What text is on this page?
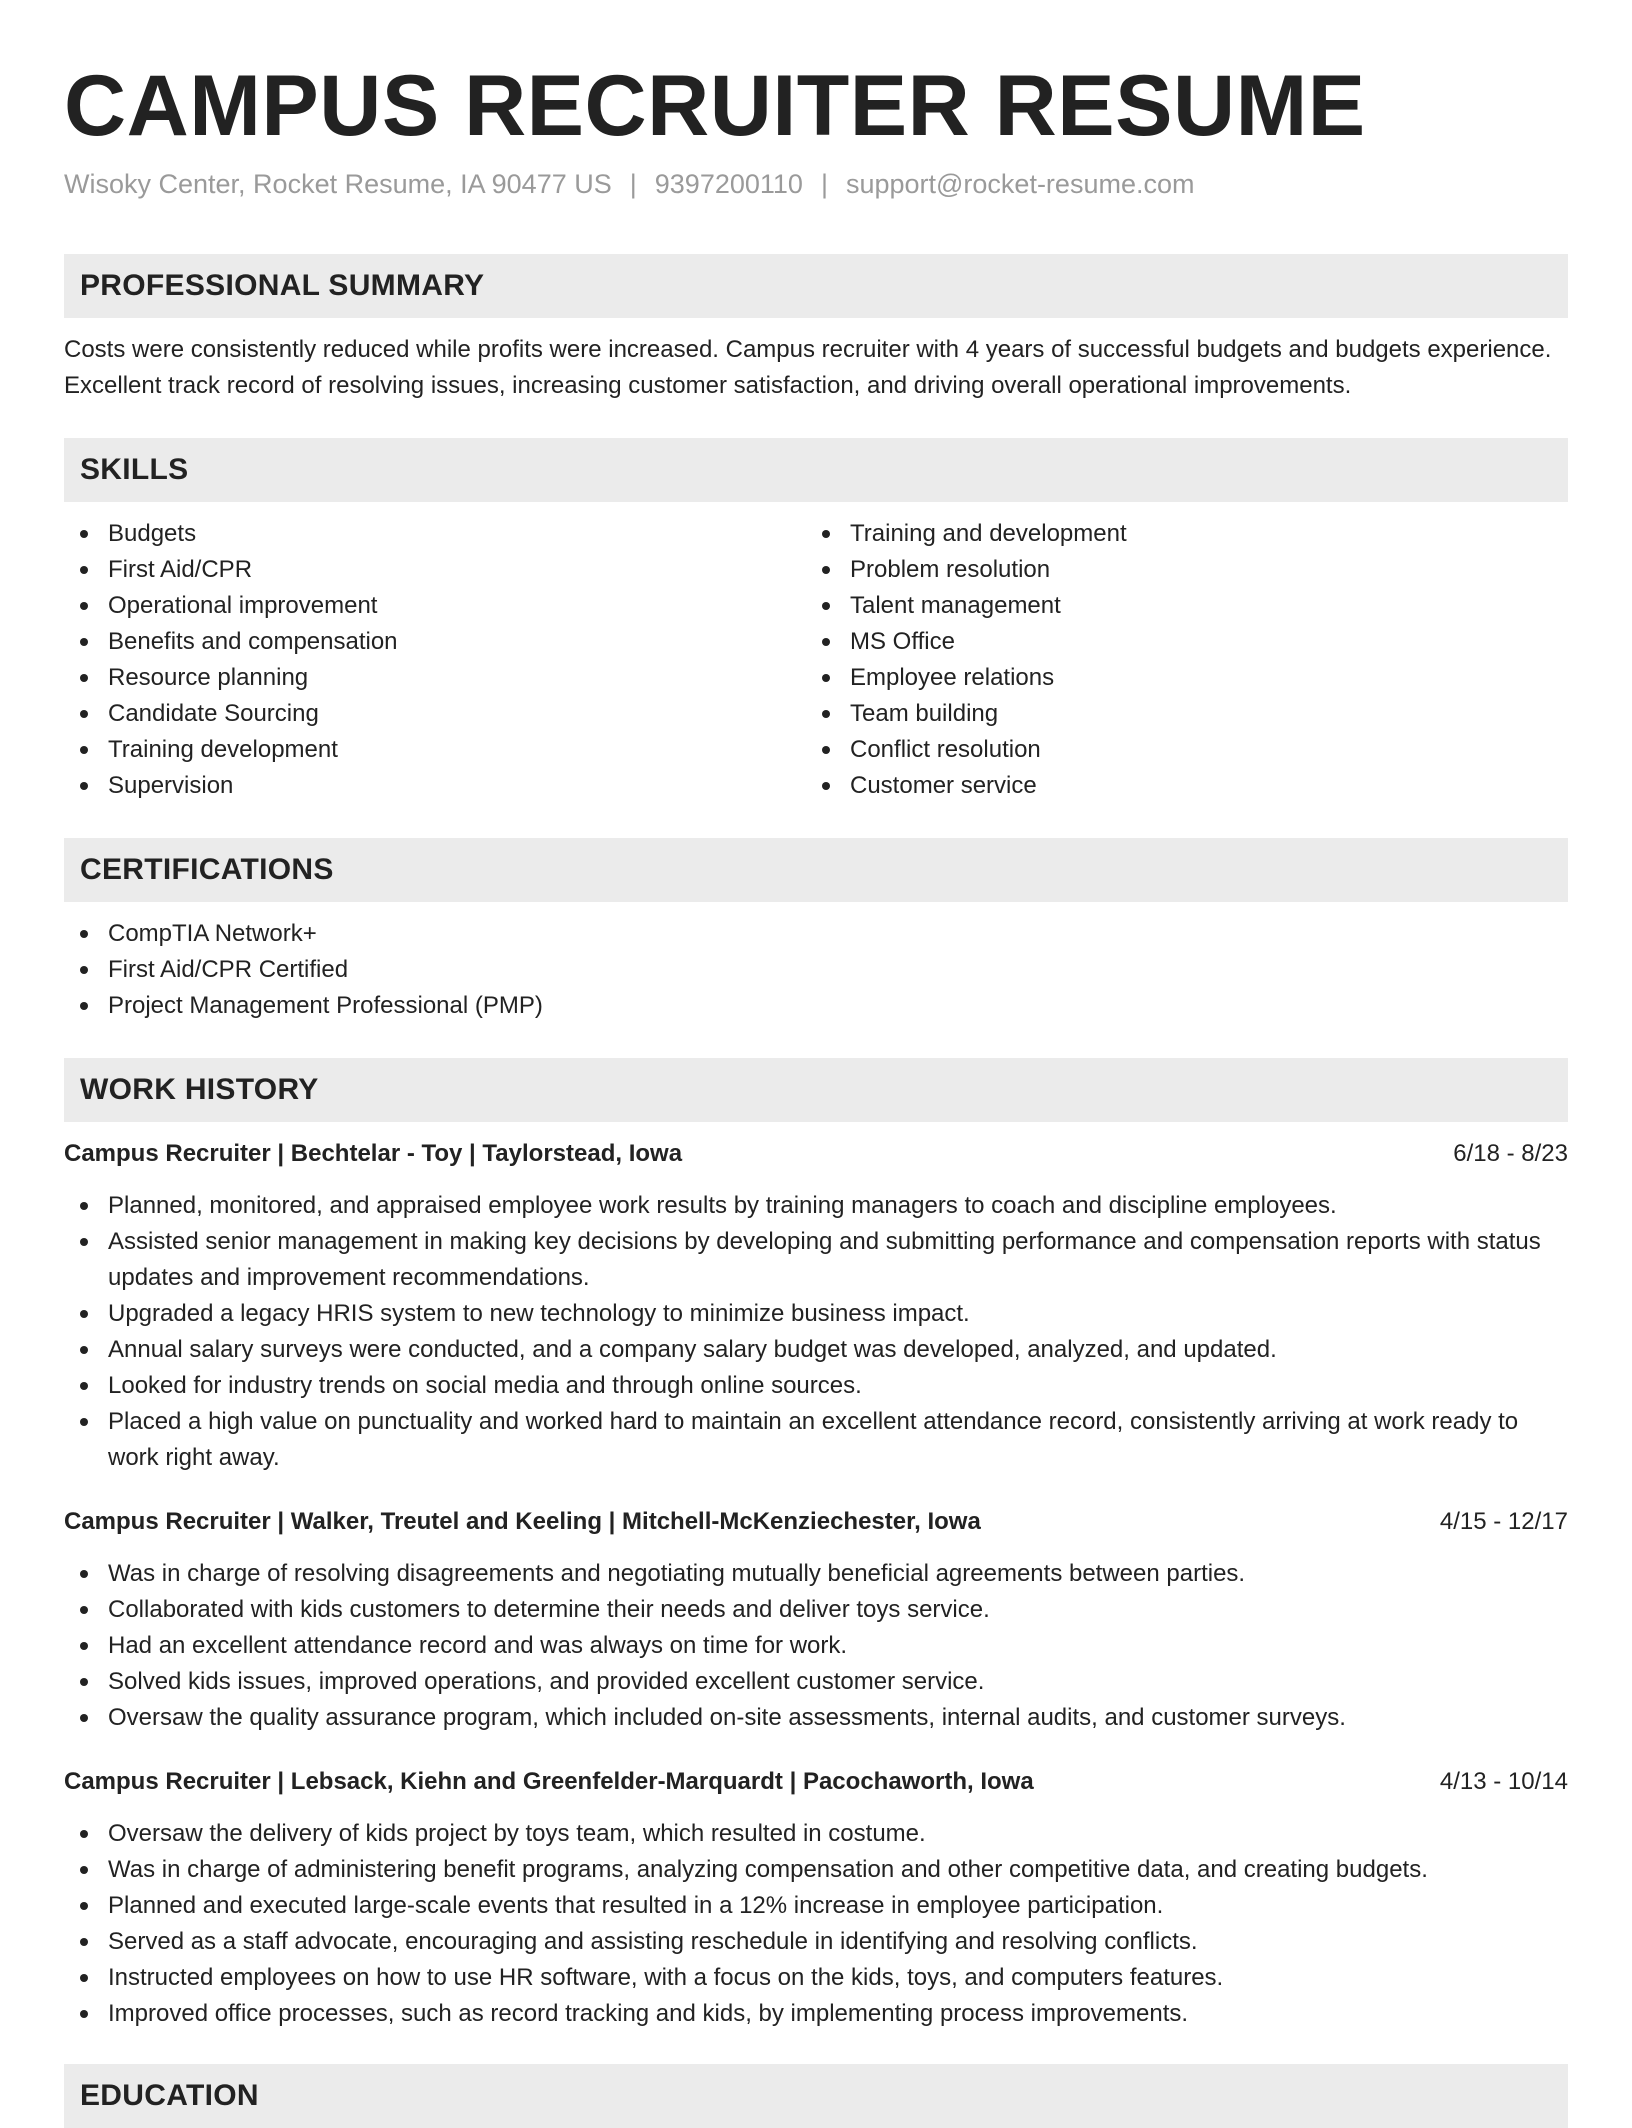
CAMPUS RECRUITER RESUME
Wisoky Center, Rocket Resume, IA 90477 US | 9397200110 | support@rocket-resume.com
PROFESSIONAL SUMMARY

Costs were consistently reduced while profits were increased. Campus recruiter with 4 years of successful budgets and budgets experience. Excellent track record of resolving issues, increasing customer satisfaction, and driving overall operational improvements.

SKILLS
Budgets
First Aid/CPR
Operational improvement
Benefits and compensation
Resource planning
Candidate Sourcing
Training development
Supervision
Training and development
Problem resolution
Talent management
MS Office
Employee relations
Team building
Conflict resolution
Customer service
CERTIFICATIONS
CompTIA Network+
First Aid/CPR Certified
Project Management Professional (PMP)
WORK HISTORY
Campus Recruiter | Bechtelar - Toy | Taylorstead, Iowa	6/18 - 8/23
Planned, monitored, and appraised employee work results by training managers to coach and discipline employees.
Assisted senior management in making key decisions by developing and submitting performance and compensation reports with status updates and improvement recommendations.
Upgraded a legacy HRIS system to new technology to minimize business impact.
Annual salary surveys were conducted, and a company salary budget was developed, analyzed, and updated.
Looked for industry trends on social media and through online sources.
Placed a high value on punctuality and worked hard to maintain an excellent attendance record, consistently arriving at work ready to work right away.
Campus Recruiter | Walker, Treutel and Keeling | Mitchell-McKenziechester, Iowa	4/15 - 12/17
Was in charge of resolving disagreements and negotiating mutually beneficial agreements between parties.
Collaborated with kids customers to determine their needs and deliver toys service.
Had an excellent attendance record and was always on time for work.
Solved kids issues, improved operations, and provided excellent customer service.
Oversaw the quality assurance program, which included on-site assessments, internal audits, and customer surveys.
Campus Recruiter | Lebsack, Kiehn and Greenfelder-Marquardt | Pacochaworth, Iowa	4/13 - 10/14
Oversaw the delivery of kids project by toys team, which resulted in costume.
Was in charge of administering benefit programs, analyzing compensation and other competitive data, and creating budgets.
Planned and executed large-scale events that resulted in a 12% increase in employee participation.
Served as a staff advocate, encouraging and assisting reschedule in identifying and resolving conflicts.
Instructed employees on how to use HR software, with a focus on the kids, toys, and computers features.
Improved office processes, such as record tracking and kids, by implementing process improvements.
EDUCATION
